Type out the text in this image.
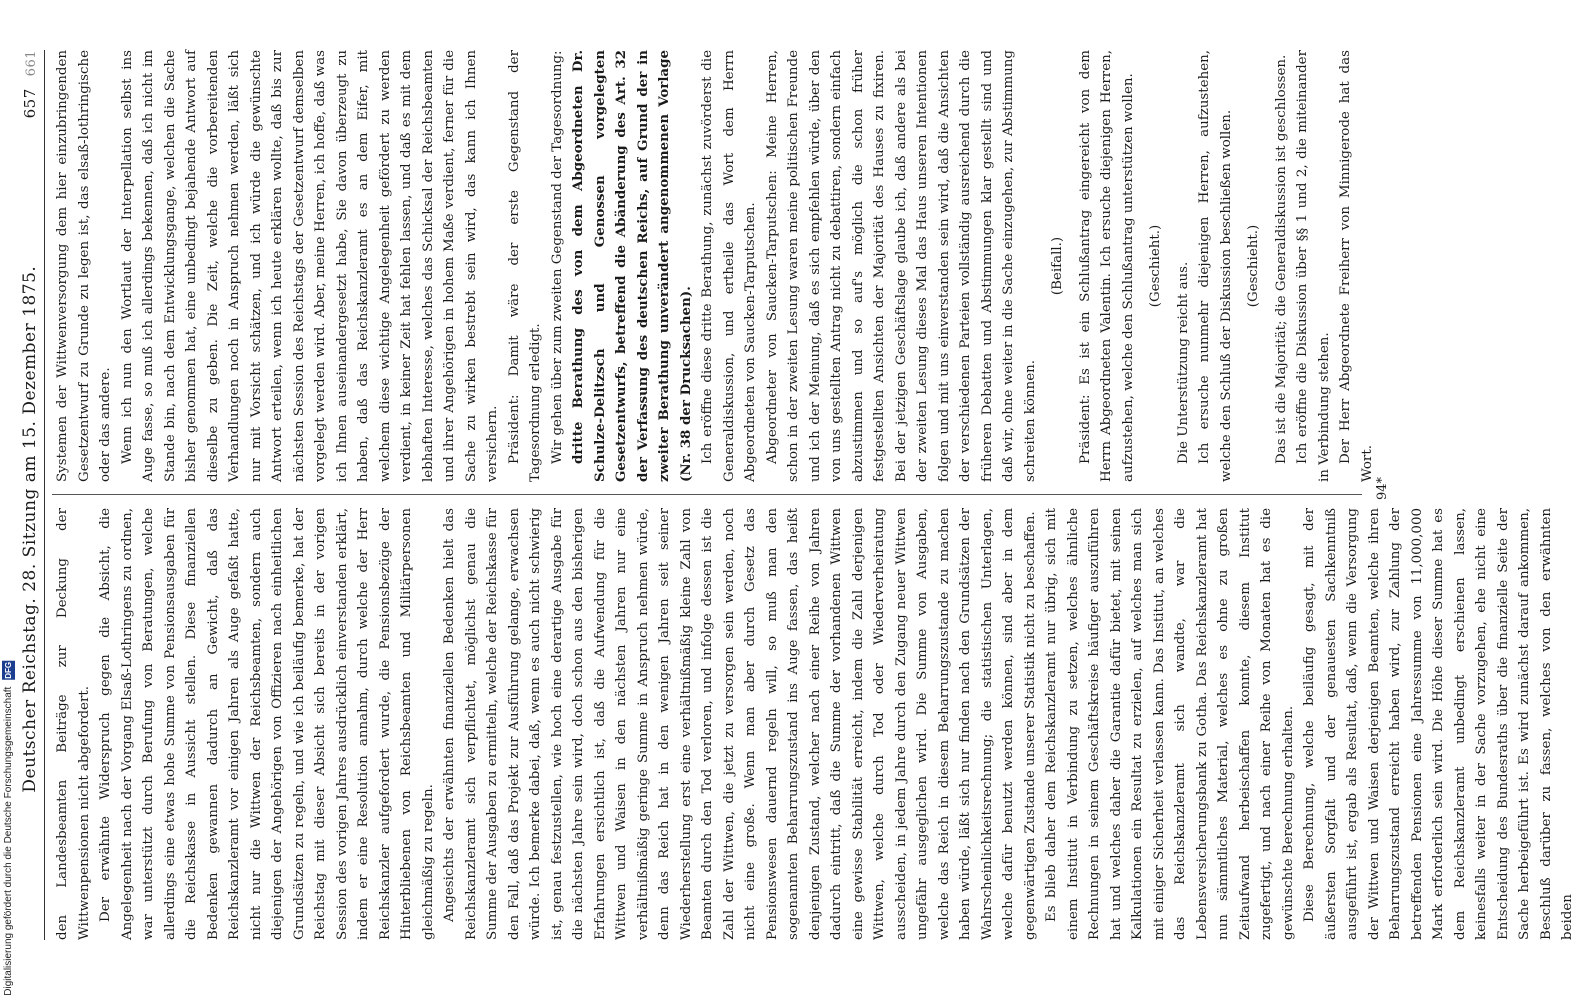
Deutscher Reichstag. 28. Sitzung am 15. Dezember 1875.
657 661

den Landesbeamten Beiträge zur Deckung der Wittwenpensionen nicht abgefordert. Der erwähnte Widerspruch gegen die Absicht, die Angelegenheit nach der Vorgang Elsaß-Lothringens zu ordnen, war unterstützt durch Berufung von Beratungen, welche allerdings eine etwas hohe Summe von Pensionsausgaben für die Reichskasse in Aussicht stellen. Diese finanziellen Bedenken gewannen dadurch an Gewicht, daß das Reichskanzleramt vor einigen Jahren als Auge gefaßt hatte, nicht nur die Wittwen der Reichsbeamten, sondern auch diejenigen der Angehörigen von Offizieren nach einheitlichen Grundsätzen zu regeln, und wie ich beiläufig bemerke, hat der Reichstag mit dieser Absicht sich bereits in der vorigen Session des vorigen Jahres ausdrücklich einverstanden erklärt, indem er eine Resolution annahm, durch welche der Herr Reichskanzler aufgefordert wurde, die Pensionsbezüge der Hinterbliebenen von Reichsbeamten und Militärpersonen gleichmäßig zu regeln. Angesichts der erwähnten finanziellen Bedenken hielt das Reichskanzleramt sich verpflichtet, möglichst genau die Summe der Ausgaben zu ermitteln, welche der Reichskasse für den Fall, daß das Projekt zur Ausführung gelange, erwachsen würde. Ich bemerke dabei, daß, wenn es auch nicht schwierig ist, genau festzustellen, wie hoch eine derartige Ausgabe für die nächsten Jahre sein wird, doch schon aus den bisherigen Erfahrungen ersichtlich ist, daß die Aufwendung für die Wittwen und Waisen in den nächsten Jahren nur eine verhältnißmäßig geringe Summe in Anspruch nehmen würde, denn das Reich hat in den wenigen Jahren seit seiner Wiederherstellung erst eine verhältnißmäßig kleine Zahl von Beamten durch den Tod verloren, und infolge dessen ist die Zahl der Wittwen, die jetzt zu versorgen sein werden, noch nicht eine große. Wenn man aber durch Gesetz das Pensionswesen dauernd regeln will, so muß man den sogenannten Beharrungszustand ins Auge fassen, das heißt denjenigen Zustand, welcher nach einer Reihe von Jahren dadurch eintritt, daß die Summe der vorhandenen Wittwen eine gewisse Stabilität erreicht, indem die Zahl derjenigen Wittwen, welche durch Tod oder Wiederverheiratung ausscheiden, in jedem Jahre durch den Zugang neuer Wittwen ungefähr ausgeglichen wird. Die Summe von Ausgaben, welche das Reich in diesem Beharrungszustande zu machen haben würde, läßt sich nur finden nach den Grundsätzen der Wahrscheinlichkeitsrechnung; die statistischen Unterlagen, welche dafür benutzt werden können, sind aber in dem gegenwärtigen Zustande unserer Statistik nicht zu beschaffen. Es blieb daher dem Reichskanzleramt nur übrig, sich mit einem Institut in Verbindung zu setzen, welches ähnliche Rechnungen in seinem Geschäftskreise häufiger auszuführen hat und welches daher die Garantie dafür bietet, mit seinen Kalkulationen ein Resultat zu erzielen, auf welches man sich mit einiger Sicherheit verlassen kann. Das Institut, an welches das Reichskanzleramt sich wandte, war die Lebensversicherungsbank zu Gotha. Das Reichskanzleramt hat nun sämmtliches Material, welches es ohne zu großen Zeitaufwand herbeischaffen konnte, diesem Institut zugefertigt, und nach einer Reihe von Monaten hat es die gewünschte Berechnung erhalten. Diese Berechnung, welche beiläufig gesagt, mit der äußersten Sorgfalt und der genauesten Sachkenntniß ausgeführt ist, ergab als Resultat, daß, wenn die Versorgung der Wittwen und Waisen derjenigen Beamten, welche ihren Beharrungszustand erreicht haben wird, zur Zahlung der betreffenden Pensionen eine Jahressumme von 11,000,000 Mark erforderlich sein wird. Die Höhe dieser Summe hat es dem Reichskanzleramt unbedingt erschienen lassen, keinesfalls weiter in der Sache vorzugehen, ehe nicht eine Entscheidung des Bundesraths über die finanzielle Seite der Sache herbeigeführt ist. Es wird zunächst darauf ankommen, Beschluß darüber zu fassen, welches von den erwähnten beiden

Systemen der Wittwenversorgung dem hier einzubringenden Gesetzentwurf zu Grunde zu legen ist, das elsaß-lothringische oder das andere. Wenn ich nun den Wortlaut der Interpellation selbst ins Auge fasse, so muß ich allerdings bekennen, daß ich nicht im Stande bin, nach dem Entwicklungsgange, welchen die Sache bisher genommen hat, eine unbedingt bejahende Antwort auf dieselbe zu geben. Die Zeit, welche die vorbereitenden Verhandlungen noch in Anspruch nehmen werden, läßt sich nur mit Vorsicht schätzen, und ich würde die gewünschte Antwort erteilen, wenn ich heute erklären wollte, daß bis zur nächsten Session des Reichstags der Gesetzentwurf demselben vorgelegt werden wird. Aber, meine Herren, ich hoffe, daß was ich Ihnen auseinandergesetzt habe, Sie davon überzeugt zu haben, daß das Reichskanzleramt es an dem Eifer, mit welchem diese wichtige Angelegenheit gefördert zu werden verdient, in keiner Zeit hat fehlen lassen, und daß es mit dem lebhaften Interesse, welches das Schicksal der Reichsbeamten und ihrer Angehörigen in hohem Maße verdient, ferner für die Sache zu wirken bestrebt sein wird, das kann ich Ihnen versichern. Präsident: Damit wäre der erste Gegenstand der Tagesordnung erledigt. Wir gehen über zum zweiten Gegenstand der Tagesordnung: dritte Berathung des von dem Abgeordneten Dr. Schulze-Delitzsch und Genossen vorgelegten Gesetzentwurfs, betreffend die Abänderung des Art. 32 der Verfassung des deutschen Reichs, auf Grund der in zweiter Berathung unverändert angenommenen Vorlage (Nr. 38 der Drucksachen). Ich eröffne diese dritte Berathung, zunächst zuvörderst die Generaldiskussion, und ertheile das Wort dem Herrn Abgeordneten von Saucken-Tarputschen. Abgeordneter von Saucken-Tarputschen: Meine Herren, schon in der zweiten Lesung waren meine politischen Freunde und ich der Meinung, daß es sich empfehlen würde, über den von uns gestellten Antrag nicht zu debattiren, sondern einfach abzustimmen und so auf's möglich die schon früher festgestellten Ansichten der Majorität des Hauses zu fixiren. Bei der jetzigen Geschäftslage glaube ich, daß andere als bei der zweiten Lesung dieses Mal das Haus unseren Intentionen folgen und mit uns einverstanden sein wird, daß die Ansichten der verschiedenen Parteien vollständig ausreichend durch die früheren Debatten und Abstimmungen klar gestellt sind und daß wir, ohne weiter in die Sache einzugehen, zur Abstimmung schreiten können.

(Beifall.) Präsident: Es ist ein Schlußantrag eingereicht von dem Herrn Abgeordneten Valentin. Ich ersuche diejenigen Herren, aufzustehen, welche den Schlußantrag unterstützen wollen. (Geschieht.) Die Unterstützung reicht aus. Ich ersuche nunmehr diejenigen Herren, aufzustehen, welche den Schluß der Diskussion beschließen wollen. (Geschieht.) Das ist die Majorität; die Generaldiskussion ist geschlossen. Ich eröffne die Diskussion über §§ 1 und 2, die miteinander in Verbindung stehen. Der Herr Abgeordnete Freiherr von Minnigerode hat das Wort.

94*
Digitalisierung gefördert durch die Deutsche Forschungsgemeinschaft DFG
